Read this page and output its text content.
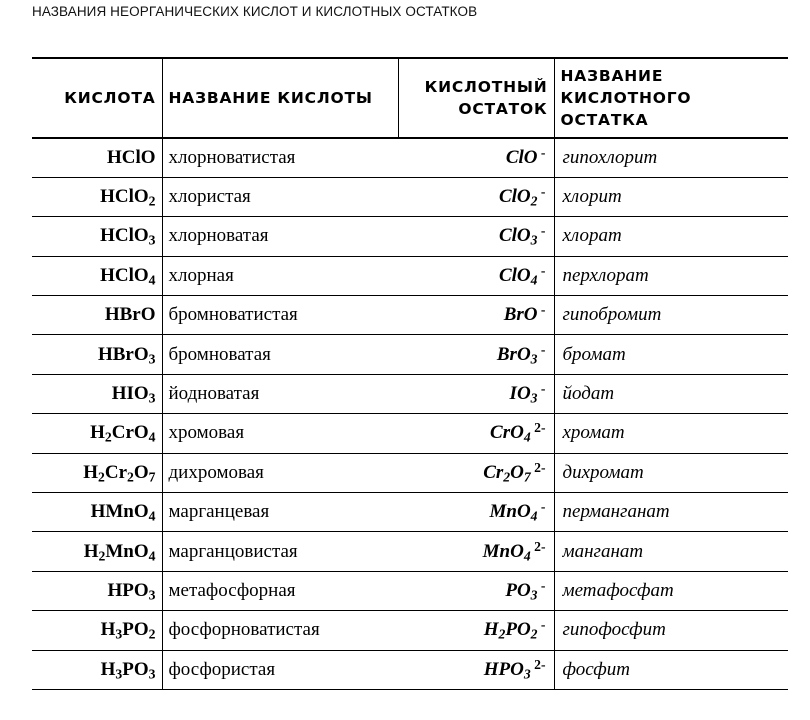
НАЗВАНИЯ НЕОРГАНИЧЕСКИХ КИСЛОТ И КИСЛОТНЫХ ОСТАТКОВ
КИСЛОТА	НАЗВАНИЕ КИСЛОТЫ	КИСЛОТНЫЙ ОСТАТОК	НАЗВАНИЕ КИСЛОТНОГО ОСТАТКА
HClO	хлорноватистая	ClO -	гипохлорит
HClO$_2$	хлористая	ClO$_2$ -	хлорит
HClO$_3$	хлорноватая	ClO$_3$ -	хлорат
HClO$_4$	хлорная	ClO$_4$ -	перхлорат
HBrO	бромноватистая	BrO -	гипобромит
HBrO$_3$	бромноватая	BrO$_3$ -	бромат
$HIO_3$	йодноватая	$IO_3$ -	йодат
$H_2CrO_4$	хромовая	CrO$_4$ $^{2-}$	хромат
$H_2Cr_2O_7$	дихромовая	$Cr_2O_7$ $^{2-}$	дихромат
HMnO$_4$	марганцевая	MnO$_4$ -	перманганат
$H_2MnO_4$	марганцовистая	MnO$_4$ $^{2-}$	манганат
$HPO_3$	метафосфорная	$PO_3$ -	метафосфат
$H_3PO_2$	фосфорноватистая	$H_2PO_2$ -	гипофосфит
$H_3PO_3$	фосфористая	$HPO_3$ $^{2-}$	фосфит
